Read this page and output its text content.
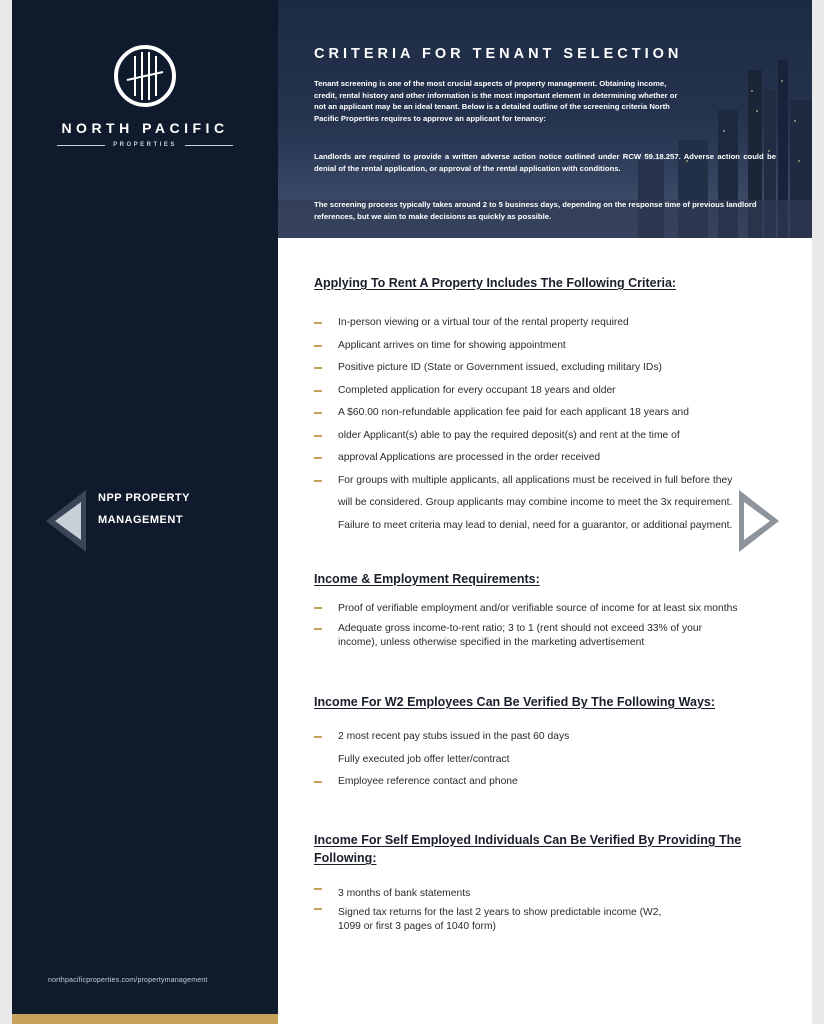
NORTH PACIFIC
PROPERTIES
NPP PROPERTY
MANAGEMENT
northpacificproperties.com/propertymanagement
CRITERIA FOR TENANT SELECTION

Tenant screening is one of the most crucial aspects of property management. Obtaining income, credit, rental history and other information is the most important element in determining whether or not an applicant may be an ideal tenant. Below is a detailed outline of the screening criteria North Pacific Properties requires to approve an applicant for tenancy:

Landlords are required to provide a written adverse action notice outlined under RCW 59.18.257. Adverse action could be denial of the rental application, or approval of the rental application with conditions.

The screening process typically takes around 2 to 5 business days, depending on the response time of previous landlord references, but we aim to make decisions as quickly as possible.

Applying To Rent A Property Includes The Following Criteria:
In-person viewing or a virtual tour of the rental property required
Applicant arrives on time for showing appointment
Positive picture ID (State or Government issued, excluding military IDs)
Completed application for every occupant 18 years and older
A $60.00 non-refundable application fee paid for each applicant 18 years and
older Applicant(s) able to pay the required deposit(s) and rent at the time of
approval Applications are processed in the order received
For groups with multiple applicants, all applications must be received in full before they will be considered. Group applicants may combine income to meet the 3x requirement. Failure to meet criteria may lead to denial, need for a guarantor, or additional payment.
Income & Employment Requirements:
Proof of verifiable employment and/or verifiable source of income for at least six months
Adequate gross income-to-rent ratio; 3 to 1 (rent should not exceed 33% of your income), unless otherwise specified in the marketing advertisement
Income For W2 Employees Can Be Verified By The Following Ways:
2 most recent pay stubs issued in the past 60 days
Fully executed job offer letter/contract
Employee reference contact and phone
Income For Self Employed Individuals Can Be Verified By Providing The Following:
3 months of bank statements
Signed tax returns for the last 2 years to show predictable income (W2, 1099 or first 3 pages of 1040 form)
